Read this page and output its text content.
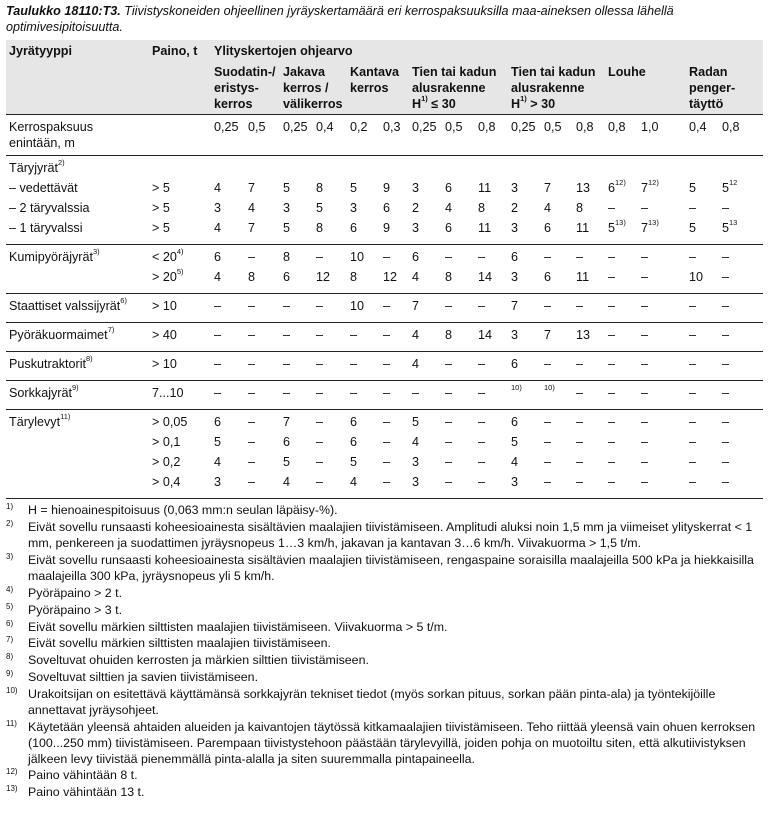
Taulukko 18110:T3. Tiivistyskoneiden ohjeellinen jyräyskertamäärä eri kerrospaksuuksilla maa-aineksen ollessa lähellä optimivesipitoisuutta.
Jyrätyyppi	Paino, t	Ylityskertojen ohjearvo															
		Suodatin-/
eristys-
kerros		Jakava
kerros /
välikerros		Kantava
kerros		Tien tai kadun
alusrakenne
$H^{1)} \le 30$			Tien tai kadun
alusrakenne
$H^{1)} > 30$			Louhe		Radan
penger-
täyttö	
Kerrospaksuus
enintään, m		0,25	0,5	0,25	0,4	0,2	0,3	0,25	0,5	0,8	0,25	0,5	0,8	0,8	1,0	0,4	0,8
Täryjyrät$^{2)}$																	
– vedettävät	> 5	4	7	5	8	5	9	3	6	11	3	7	13	6$^{12)}$	7$^{12)}$	5	$5^{12}$
– 2 täryvalssia	> 5	3	4	3	5	3	6	2	4	8	2	4	8	–	–	–	–
– 1 täryvalssi	> 5	4	7	5	8	6	9	3	6	11	3	6	11	5$^{13)}$	7$^{13)}$	5	$5^{13}$
Kumipyöräjyrät$^{3)}$	< $20^{4)}$	6	–	8	–	10	–	6	–	–	6	–	–	–	–	–	–
	> $20^{5)}$	4	8	6	12	8	12	4	8	14	3	6	11	–	–	10	–
Staattiset valssijyrät$^{6)}$	> 10	–	–	–	–	10	–	7	–	–	7	–	–	–	–	–	–
Pyöräkuormaimet$^{7)}$	> 40	–	–	–	–	–	–	4	8	14	3	7	13	–	–	–	–
Puskutraktorit$^{8)}$	> 10	–	–	–	–	–	–	4	–	–	6	–	–	–	–	–	–
Sorkkajyrät$^{9)}$	7...10	–	–	–	–	–	–	–	–	–	$^{10)}$	$^{10)}$	–	–	–	–	–
Tärylevyt$^{11)}$	> 0,05	6	–	7	–	6	–	5	–	–	6	–	–	–	–	–	–
	> 0,1	5	–	6	–	6	–	4	–	–	5	–	–	–	–	–	–
	> 0,2	4	–	5	–	5	–	3	–	–	4	–	–	–	–	–	–
	> 0,4	3	–	4	–	4	–	3	–	–	3	–	–	–	–	–	–
1) H = hienoainespitoisuus (0,063 mm:n seulan läpäisy-%).
2) Eivät sovellu runsaasti koheesioainesta sisältävien maalajien tiivistämiseen. Amplitudi aluksi noin 1,5 mm ja viimeiset ylityskerrat < 1 mm, penkereen ja suodattimen jyräysnopeus 1…3 km/h, jakavan ja kantavan 3…6 km/h. Viivakuorma > 1,5 t/m.
3) Eivät sovellu runsaasti koheesioainesta sisältävien maalajien tiivistämiseen, rengaspaine soraisilla maalajeilla 500 kPa ja hiekkaisilla maalajeilla 300 kPa, jyräysnopeus yli 5 km/h.
4) Pyöräpaino > 2 t.
5) Pyöräpaino > 3 t.
6) Eivät sovellu märkien silttisten maalajien tiivistämiseen. Viivakuorma > 5 t/m.
7) Eivät sovellu märkien silttisten maalajien tiivistämiseen.
8) Soveltuvat ohuiden kerrosten ja märkien silttien tiivistämiseen.
9) Soveltuvat silttien ja savien tiivistämiseen.
10) Urakoitsijan on esitettävä käyttämänsä sorkkajyrän tekniset tiedot (myös sorkan pituus, sorkan pään pinta-ala) ja työntekijöille annettavat jyräysohjeet.
11) Käytetään yleensä ahtaiden alueiden ja kaivantojen täytössä kitkamaalajien tiivistämiseen. Teho riittää yleensä vain ohuen kerroksen (100...250 mm) tiivistämiseen. Parempaan tiivistystehoon päästään tärylevyillä, joiden pohja on muotoiltu siten, että alkutiivistyksen jälkeen levy tiivistää pienemmällä pinta-alalla ja siten suuremmalla pintapaineella.
12) Paino vähintään 8 t.
13) Paino vähintään 13 t.
